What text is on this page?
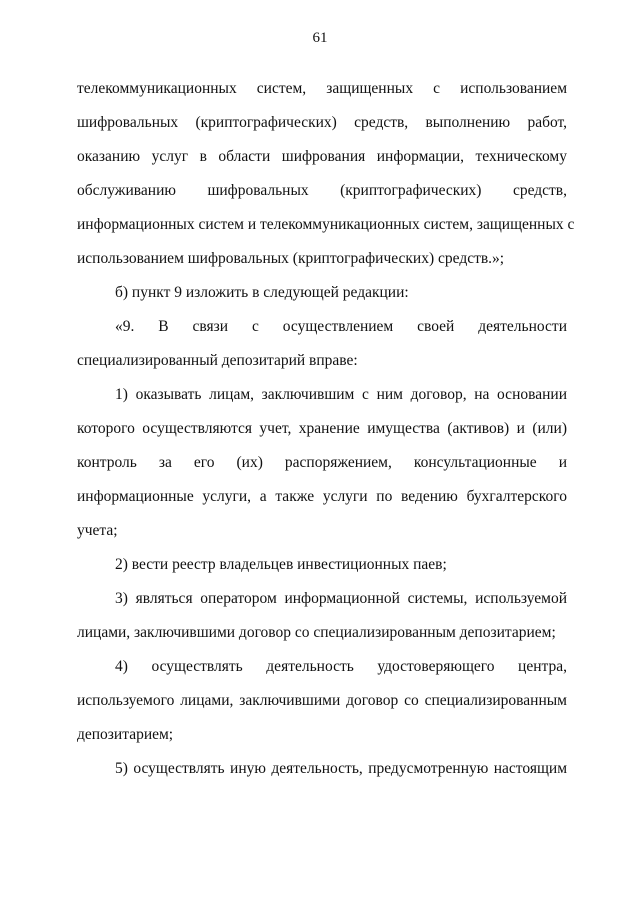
61
телекоммуникационных систем, защищенных с использованием
шифровальных (криптографических) средств, выполнению работ,
оказанию услуг в области шифрования информации, техническому
обслуживанию шифровальных (криптографических) средств,
информационных систем и телекоммуникационных систем, защищенных с
использованием шифровальных (криптографических) средств.»;
б) пункт 9 изложить в следующей редакции:
«9. В связи с осуществлением своей деятельности
специализированный депозитарий вправе:
1) оказывать лицам, заключившим с ним договор, на основании
которого осуществляются учет, хранение имущества (активов) и (или)
контроль за его (их) распоряжением, консультационные и
информационные услуги, а также услуги по ведению бухгалтерского
учета;
2) вести реестр владельцев инвестиционных паев;
3) являться оператором информационной системы, используемой
лицами, заключившими договор со специализированным депозитарием;
4) осуществлять деятельность удостоверяющего центра,
используемого лицами, заключившими договор со специализированным
депозитарием;
5) осуществлять иную деятельность, предусмотренную настоящим
